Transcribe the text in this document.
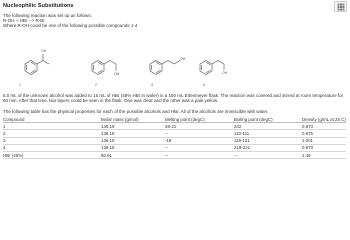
Nucleophilic Substitutions
The following reaction was set up as follows:
R-OH + HBr --> R-Br
Where R-OH could be one of the following possible compounds 1-4
OH
OH
OH
OH
1	2	3	4
5.0 mL of the unknown alcohol was added to 15 mL of HBr (48% HBr in water) in a 150 mL Erlenmeyer flask. The reaction was covered and stirred at room temperature for
60 min. After that time, two layers could be seen in the flask. One was clear and the other was a pale yellow.
The following table has the physical properties for each of the possible alcohols and HBr. All of the alcohols are immiscible with water.
Compound	Molar mass (g/mol)	Melting point (degC)	Boiling point (degC)	Density (g/mL at 25 C)
1	136.19	28-21	202	0.973
2	136.19	--	110-111	0.975
3	136.19	-18	119-121	1.001
4	136.19	--	219-221	0.973
HBr (48%)	80.91	--	--	1.49
